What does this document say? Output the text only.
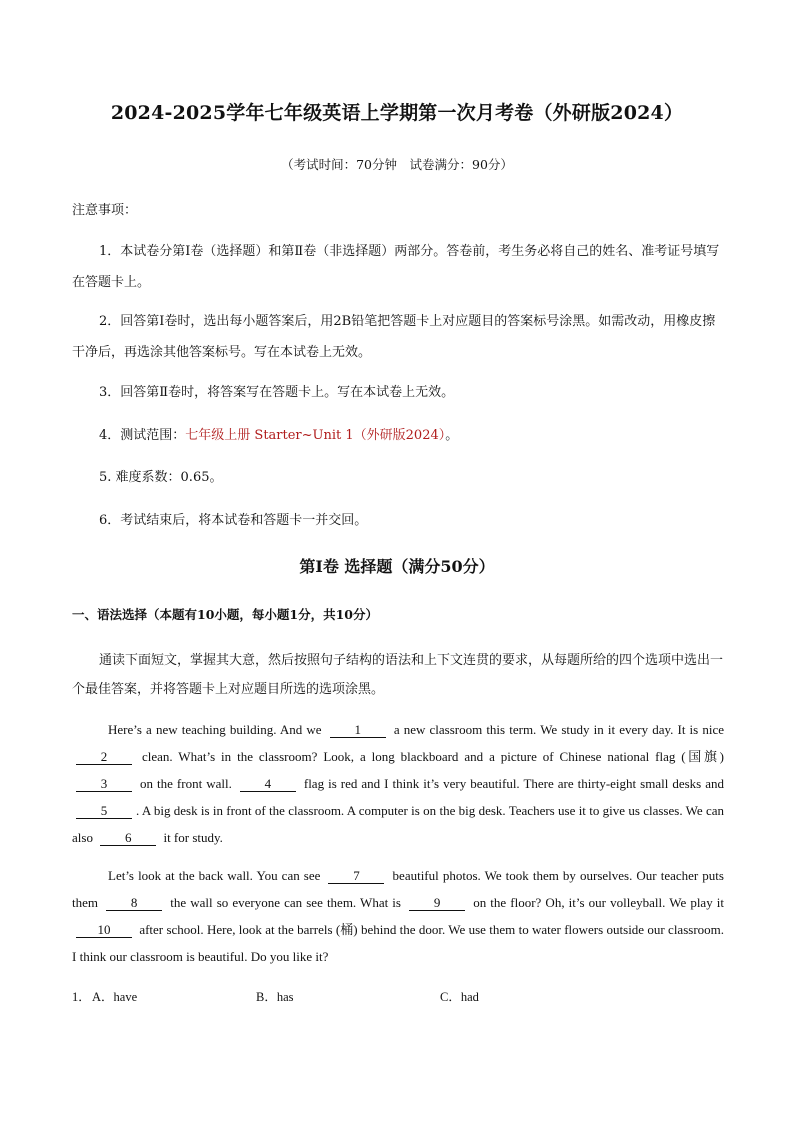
2024-2025学年七年级英语上学期第一次月考卷（外研版2024）
（考试时间：70分钟　试卷满分：90分）
注意事项：
1．本试卷分第Ⅰ卷（选择题）和第Ⅱ卷（非选择题）两部分。答卷前，考生务必将自己的姓名、准考证号填写在答题卡上。
2．回答第Ⅰ卷时，选出每小题答案后，用2B铅笔把答题卡上对应题目的答案标号涂黑。如需改动，用橡皮擦干净后，再选涂其他答案标号。写在本试卷上无效。
3．回答第Ⅱ卷时，将答案写在答题卡上。写在本试卷上无效。
4．测试范围：七年级上册 Starter~Unit 1（外研版2024）。
5. 难度系数：0.65。
6．考试结束后，将本试卷和答题卡一并交回。
第Ⅰ卷 选择题（满分50分）
一、语法选择（本题有10小题，每小题1分，共10分）
通读下面短文，掌握其大意，然后按照句子结构的语法和上下文连贯的要求，从每题所给的四个选项中选出一个最佳答案，并将答题卡上对应题目所选的选项涂黑。
Here’s a new teaching building. And we	1	a new classroom this term. We study in it every day. It is nice 2	clean. What’s in the classroom? Look, a long blackboard and a picture of Chinese national flag (国旗) 3	on the front wall.	4	flag is red and I think it’s very beautiful. There are thirty-eight small desks and 5 . A big desk is in front of the classroom. A computer is on the big desk. Teachers use it to give us classes. We can also 6 it for study.
Let’s look at the back wall. You can see	7	beautiful photos. We took them by ourselves. Our teacher puts them	8	the wall so everyone can see them. What is	9	on the floor? Oh, it’s our volleyball. We play it 10 after school. Here, look at the barrels (桶) behind the door. We use them to water flowers outside our classroom. I think our classroom is beautiful. Do you like it?
1． A．have	B．has	C．had
